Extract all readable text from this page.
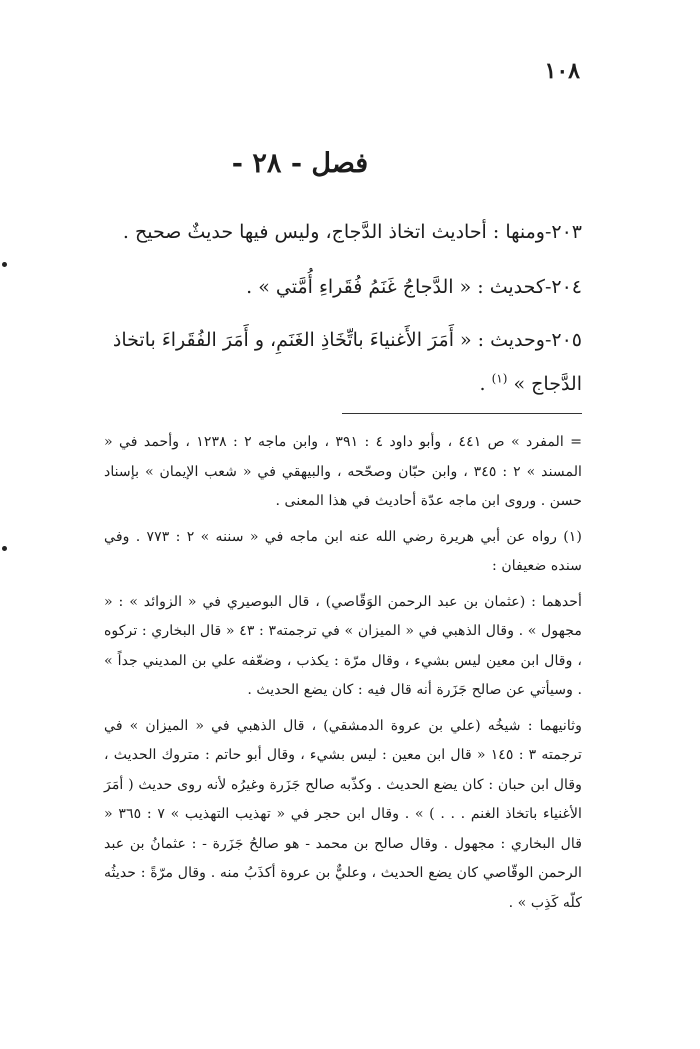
١٠٨
فصل - ٢٨ -
٢٠٣-ومنها : أحاديث اتخاذ الدَّجاج، وليس فيها حديثٌ صحيح .
٢٠٤-كحديث : « الدَّجاجُ غَنَمُ فُقَراءِ أُمَّتي » .
٢٠٥-وحديث : « أَمَرَ الأَغنياءَ باتِّخَاذِ الغَنَمِ، و أَمَرَ الفُقَراءَ باتخاذ الدَّجاج » $^{(١)}$ .

= المفرد » ص ٤٤١ ، وأبو داود ٤ : ٣٩١ ، وابن ماجه ٢ : ١٢٣٨ ، وأحمد في « المسند » ٢ : ٣٤٥ ، وابن حبّان وصحّحه ، والبيهقي في « شعب الإيمان » بإسناد حسن . وروى ابن ماجه عدّة أحاديث في هذا المعنى .

(١) رواه عن أبي هريرة رضي الله عنه ابن ماجه في « سننه » ٢ : ٧٧٣ . وفي سنده ضعيفان :

أحدهما : (عثمان بن عبد الرحمن الوَقّاصي) ، قال البوصيري في « الزوائد » : « مجهول » . وقال الذهبي في « الميزان » في ترجمته٣ : ٤٣ « قال البخاري : تركوه ، وقال ابن معين ليس بشيء ، وقال مرّة : يكذب ، وضعّفه علي بن المديني جداً » . وسيأتي عن صالح جَزَرة أنه قال فيه : كان يضع الحديث .

وثانيهما : شيخُه (علي بن عروة الدمشقي) ، قال الذهبي في « الميزان » في ترجمته ٣ : ١٤٥ « قال ابن معين : ليس بشيء ، وقال أبو حاتم : متروك الحديث ، وقال ابن حبان : كان يضع الحديث . وكذّبه صالح جَزَرة وغيرُه لأنه روى حديث ( أمَرَ الأغنياء باتخاذ الغنم . . . ) » . وقال ابن حجر في « تهذيب التهذيب » ٧ : ٣٦٥ « قال البخاري : مجهول . وقال صالح بن محمد - هو صالحُ جَزَرة - : عثمانُ بن عبد الرحمن الوقّاصي كان يضع الحديث ، وعليٌّ بن عروة أكذَبُ منه . وقال مرّةً : حديثُه كلّه كَذِب » .
